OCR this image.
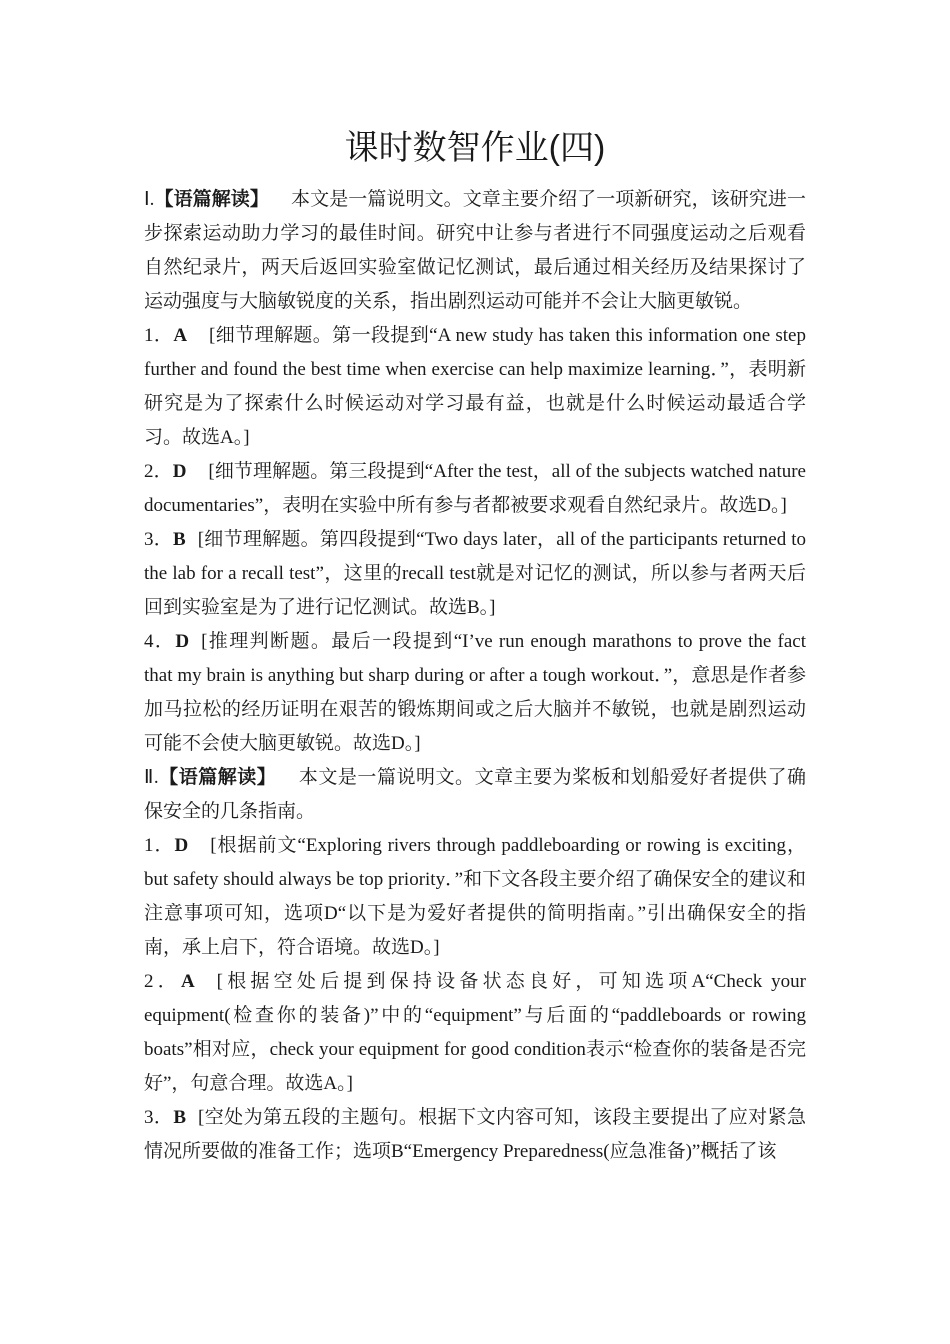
课时数智作业(四)

Ⅰ.【语篇解读】 本文是一篇说明文。文章主要介绍了一项新研究，该研究进一步探索运动助力学习的最佳时间。研究中让参与者进行不同强度运动之后观看自然纪录片，两天后返回实验室做记忆测试，最后通过相关经历及结果探讨了运动强度与大脑敏锐度的关系，指出剧烈运动可能并不会让大脑更敏锐。

1．A [细节理解题。第一段提到“A new study has taken this information one step further and found the best time when exercise can help maximize learning．”，表明新研究是为了探索什么时候运动对学习最有益，也就是什么时候运动最适合学习。故选A。]

2．D [细节理解题。第三段提到“After the test，all of the subjects watched nature documentaries”，表明在实验中所有参与者都被要求观看自然纪录片。故选D。]

3．B [细节理解题。第四段提到“Two days later，all of the participants returned to the lab for a recall test”，这里的recall test就是对记忆的测试，所以参与者两天后回到实验室是为了进行记忆测试。故选B。]

4．D [推理判断题。最后一段提到“I’ve run enough marathons to prove the fact that my brain is anything but sharp during or after a tough workout．”，意思是作者参加马拉松的经历证明在艰苦的锻炼期间或之后大脑并不敏锐，也就是剧烈运动可能不会使大脑更敏锐。故选D。]

Ⅱ.【语篇解读】 本文是一篇说明文。文章主要为桨板和划船爱好者提供了确保安全的几条指南。

1．D [根据前文“Exploring rivers through paddleboarding or rowing is exciting，but safety should always be top priority．”和下文各段主要介绍了确保安全的建议和注意事项可知，选项D“以下是为爱好者提供的简明指南。”引出确保安全的指南，承上启下，符合语境。故选D。]

2．A [根据空处后提到保持设备状态良好，可知选项A“Check your equipment(检查你的装备)”中的“equipment”与后面的“paddleboards or rowing boats”相对应，check your equipment for good condition表示“检查你的装备是否完好”，句意合理。故选A。]

3．B [空处为第五段的主题句。根据下文内容可知，该段主要提出了应对紧急情况所要做的准备工作；选项B“Emergency Preparedness(应急准备)”概括了该
